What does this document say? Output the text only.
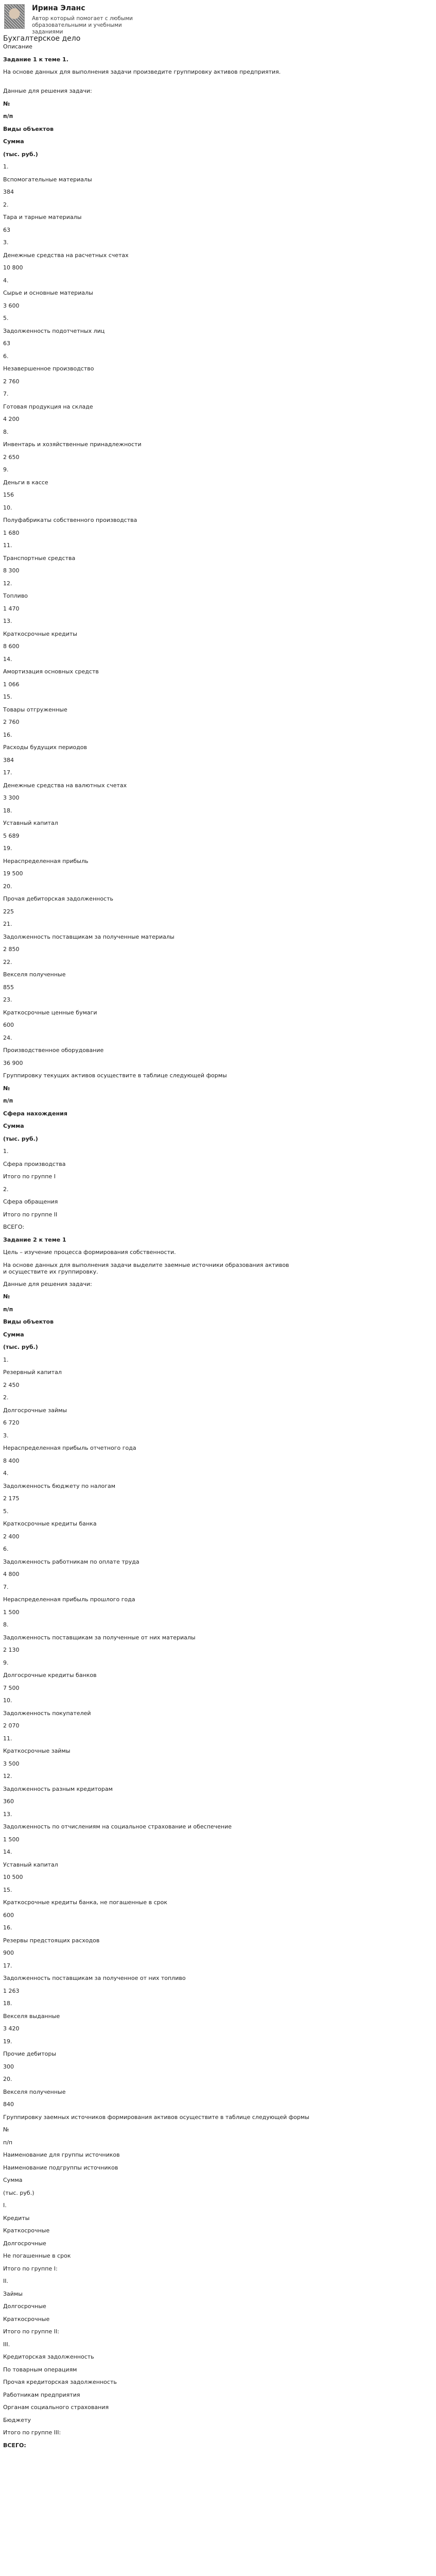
Ирина Эланс
Автор который помогает с любыми образовательными и учебными заданиями
Бухгалтерское дело
Описание
Задание 1 к теме 1.
На основе данных для выполнения задачи произведите группировку активов предприятия.
Данные для решения задачи:
№
п/п
Виды объектов
Сумма
(тыс. руб.)
1.
Вспомогательные материалы
384
2.
Тара и тарные материалы
63
3.
Денежные средства на расчетных счетах
10 800
4.
Сырье и основные материалы
3 600
5.
Задолженность подотчетных лиц
63
6.
Незавершенное производство
2 760
7.
Готовая продукция на складе
4 200
8.
Инвентарь и хозяйственные принадлежности
2 650
9.
Деньги в кассе
156
10.
Полуфабрикаты собственного производства
1 680
11.
Транспортные средства
8 300
12.
Топливо
1 470
13.
Краткосрочные кредиты
8 600
14.
Амортизация основных средств
1 066
15.
Товары отгруженные
2 760
16.
Расходы будущих периодов
384
17.
Денежные средства на валютных счетах
3 300
18.
Уставный капитал
5 689
19.
Нераспределенная прибыль
19 500
20.
Прочая дебиторская задолженность
225
21.
Задолженность поставщикам за полученные материалы
2 850
22.
Векселя полученные
855
23.
Краткосрочные ценные бумаги
600
24.
Производственное оборудование
36 900
Группировку текущих активов осуществите в таблице следующей формы
№
п/п
Сфера нахождения
Сумма
(тыс. руб.)
1.
Сфера производства
Итого по группе I
2.
Сфера обращения
Итого по группе II
ВСЕГО:
Задание 2 к теме 1
Цель – изучение процесса формирования собственности.
На основе данных для выполнения задачи выделите заемные источники образования активов и осуществите их группировку.
Данные для решения задачи:
№
п/п
Виды объектов
Сумма
(тыс. руб.)
1.
Резервный капитал
2 450
2.
Долгосрочные займы
6 720
3.
Нераспределенная прибыль отчетного года
8 400
4.
Задолженность бюджету по налогам
2 175
5.
Краткосрочные кредиты банка
2 400
6.
Задолженность работникам по оплате труда
4 800
7.
Нераспределенная прибыль прошлого года
1 500
8.
Задолженность поставщикам за полученные от них материалы
2 130
9.
Долгосрочные кредиты банков
7 500
10.
Задолженность покупателей
2 070
11.
Краткосрочные займы
3 500
12.
Задолженность разным кредиторам
360
13.
Задолженность по отчислениям на социальное страхование и обеспечение
1 500
14.
Уставный капитал
10 500
15.
Краткосрочные кредиты банка, не погашенные в срок
600
16.
Резервы предстоящих расходов
900
17.
Задолженность поставщикам за полученное от них топливо
1 263
18.
Векселя выданные
3 420
19.
Прочие дебиторы
300
20.
Векселя полученные
840
Группировку заемных источников формирования активов осуществите в таблице следующей формы
№
п/п
Наименование для группы источников
Наименование подгруппы источников
Сумма
(тыс. руб.)
I.
Кредиты
Краткосрочные
Долгосрочные
Не погашенные в срок
Итого по группе I:
II.
Займы
Долгосрочные
Краткосрочные
Итого по группе II:
III.
Кредиторская задолженность
По товарным операциям
Прочая кредиторская задолженность
Работникам предприятия
Органам социального страхования
Бюджету
Итого по группе III:
ВСЕГО:
